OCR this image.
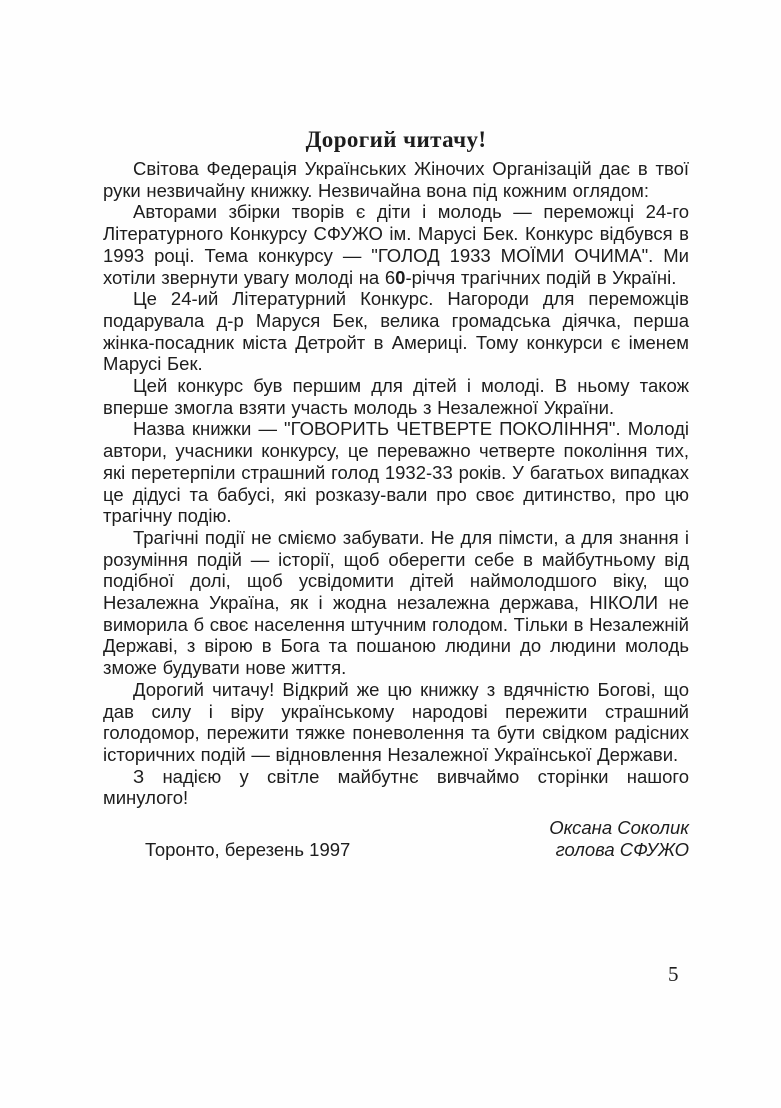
Дорогий читачу!

Світова Федерація Українських Жіночих Організацій дає в твої руки незвичайну книжку. Незвичайна вона під кожним оглядом:

Авторами збірки творів є діти і молодь — переможці 24-го Літературного Конкурсу СФУЖО ім. Марусі Бек. Конкурс відбувся в 1993 році. Тема конкурсу — "ГОЛОД 1933 МОЇМИ ОЧИМА". Ми хотіли звернути увагу молоді на 60-річчя трагічних подій в Україні.

Це 24-ий Літературний Конкурс. Нагороди для переможців подарувала д-р Маруся Бек, велика громадська діячка, перша жінка-посадник міста Детройт в Америці. Тому конкурси є іменем Марусі Бек.

Цей конкурс був першим для дітей і молоді. В ньому також вперше змогла взяти участь молодь з Незалежної України.

Назва книжки — "ГОВОРИТЬ ЧЕТВЕРТЕ ПОКОЛІННЯ". Молоді автори, учасники конкурсу, це переважно четверте покоління тих, які перетерпіли страшний голод 1932-33 років. У багатьох випадках це дідусі та бабусі, які розказу-вали про своє дитинство, про цю трагічну подію.

Трагічні події не сміємо забувати. Не для пімсти, а для знання і розуміння подій — історії, щоб оберегти себе в майбутньому від подібної долі, щоб усвідомити дітей наймолодшого віку, що Незалежна Україна, як і жодна незалежна держава, НІКОЛИ не виморила б своє населення штучним голодом. Тільки в Незалежній Державі, з вірою в Бога та пошаною людини до людини молодь зможе будувати нове життя.

Дорогий читачу! Відкрий же цю книжку з вдячністю Богові, що дав силу і віру українському народові пережити страшний голодомор, пережити тяжке поневолення та бути свідком радісних історичних подій — відновлення Незалежної Української Держави.

З надією у світле майбутнє вивчаймо сторінки нашого минулого!

Оксана Соколик
Торонто, березень 1997	голова СФУЖО
5
